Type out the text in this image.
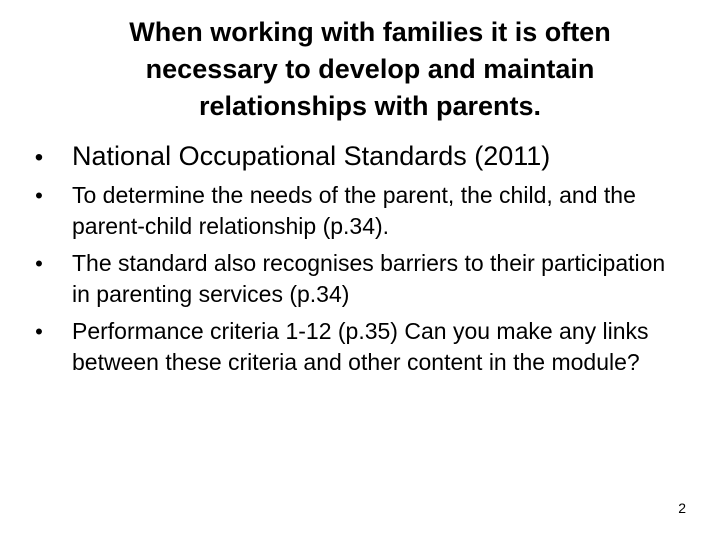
When working with families it is often necessary to develop and maintain relationships with parents.
• National Occupational Standards (2011)
•	To determine the needs of the parent, the child, and the parent-child relationship (p.34).
•	The standard also recognises barriers to their participation in parenting services (p.34)
•	Performance criteria 1-12 (p.35) Can you make any links between these criteria and other content in the module?
2
